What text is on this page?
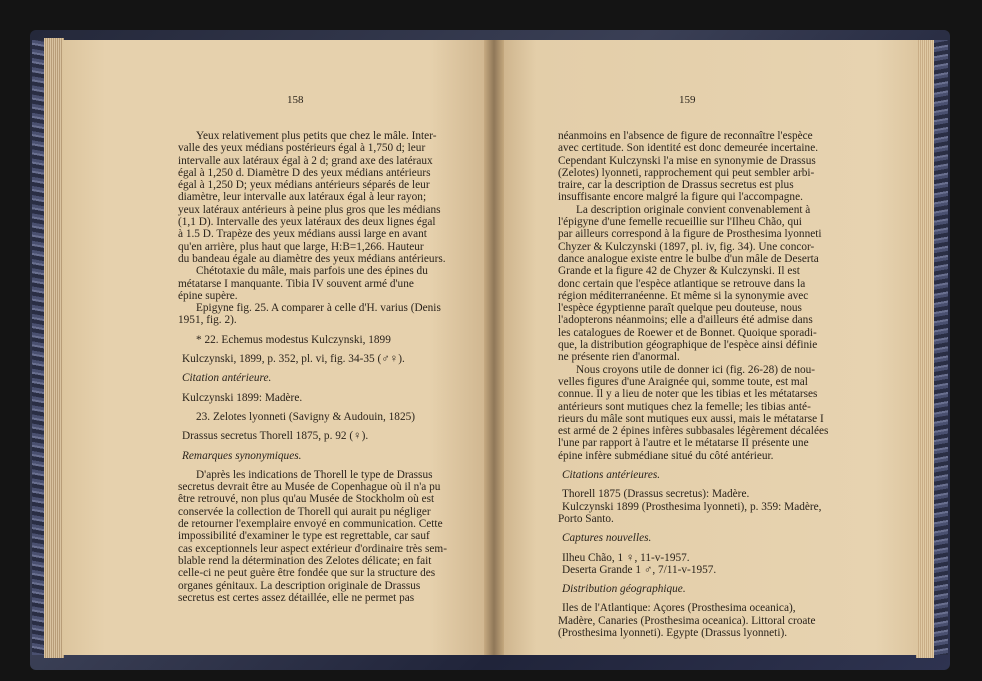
158

Yeux relativement plus petits que chez le mâle. Inter-

valle des yeux médians postérieurs égal à 1,750 d; leur

intervalle aux latéraux égal à 2 d; grand axe des latéraux

égal à 1,250 d. Diamètre D des yeux médians antérieurs

égal à 1,250 D; yeux médians antérieurs séparés de leur

diamètre, leur intervalle aux latéraux égal à leur rayon;

yeux latéraux antérieurs à peine plus gros que les médians

(1,1 D). Intervalle des yeux latéraux des deux lignes égal

à 1.5 D. Trapèze des yeux médians aussi large en avant

qu'en arrière, plus haut que large, H:B=1,266. Hauteur

du bandeau égale au diamètre des yeux médians antérieurs.

Chétotaxie du mâle, mais parfois une des épines du

métatarse I manquante. Tibia IV souvent armé d'une

épine supère.

Epigyne fig. 25. A comparer à celle d'H. varius (Denis

1951, fig. 2).

* 22. Echemus modestus Kulczynski, 1899

Kulczynski, 1899, p. 352, pl. vi, fig. 34-35 (♂♀).

Citation antérieure.

Kulczynski 1899: Madère.

23. Zelotes lyonneti (Savigny & Audouin, 1825)

Drassus secretus Thorell 1875, p. 92 (♀).

Remarques synonymiques.

D'après les indications de Thorell le type de Drassus

secretus devrait être au Musée de Copenhague où il n'a pu

être retrouvé, non plus qu'au Musée de Stockholm où est

conservée la collection de Thorell qui aurait pu négliger

de retourner l'exemplaire envoyé en communication. Cette

impossibilité d'examiner le type est regrettable, car sauf

cas exceptionnels leur aspect extérieur d'ordinaire très sem-

blable rend la détermination des Zelotes délicate; en fait

celle-ci ne peut guère être fondée que sur la structure des

organes génitaux. La description originale de Drassus

secretus est certes assez détaillée, elle ne permet pas

159

néanmoins en l'absence de figure de reconnaître l'espèce

avec certitude. Son identité est donc demeurée incertaine.

Cependant Kulczynski l'a mise en synonymie de Drassus

(Zelotes) lyonneti, rapprochement qui peut sembler arbi-

traire, car la description de Drassus secretus est plus

insuffisante encore malgré la figure qui l'accompagne.

La description originale convient convenablement à

l'épigyne d'une femelle recueillie sur l'Ilheu Chão, qui

par ailleurs correspond à la figure de Prosthesima lyonneti

Chyzer & Kulczynski (1897, pl. iv, fig. 34). Une concor-

dance analogue existe entre le bulbe d'un mâle de Deserta

Grande et la figure 42 de Chyzer & Kulczynski. Il est

donc certain que l'espèce atlantique se retrouve dans la

région méditerranéenne. Et même si la synonymie avec

l'espèce égyptienne paraît quelque peu douteuse, nous

l'adopterons néanmoins; elle a d'ailleurs été admise dans

les catalogues de Roewer et de Bonnet. Quoique sporadi-

que, la distribution géographique de l'espèce ainsi définie

ne présente rien d'anormal.

Nous croyons utile de donner ici (fig. 26-28) de nou-

velles figures d'une Araignée qui, somme toute, est mal

connue. Il y a lieu de noter que les tibias et les métatarses

antérieurs sont mutiques chez la femelle; les tibias anté-

rieurs du mâle sont mutiques eux aussi, mais le métatarse I

est armé de 2 épines infères subbasales légèrement décalées

l'une par rapport à l'autre et le métatarse II présente une

épine infère submédiane situé du côté antérieur.

Citations antérieures.

Thorell 1875 (Drassus secretus): Madère.

Kulczynski 1899 (Prosthesima lyonneti), p. 359: Madère,

Porto Santo.

Captures nouvelles.

Ilheu Chão, 1 ♀, 11-v-1957.

Deserta Grande 1 ♂, 7/11-v-1957.

Distribution géographique.

Iles de l'Atlantique: Açores (Prosthesima oceanica),

Madère, Canaries (Prosthesima oceanica). Littoral croate

(Prosthesima lyonneti). Egypte (Drassus lyonneti).
